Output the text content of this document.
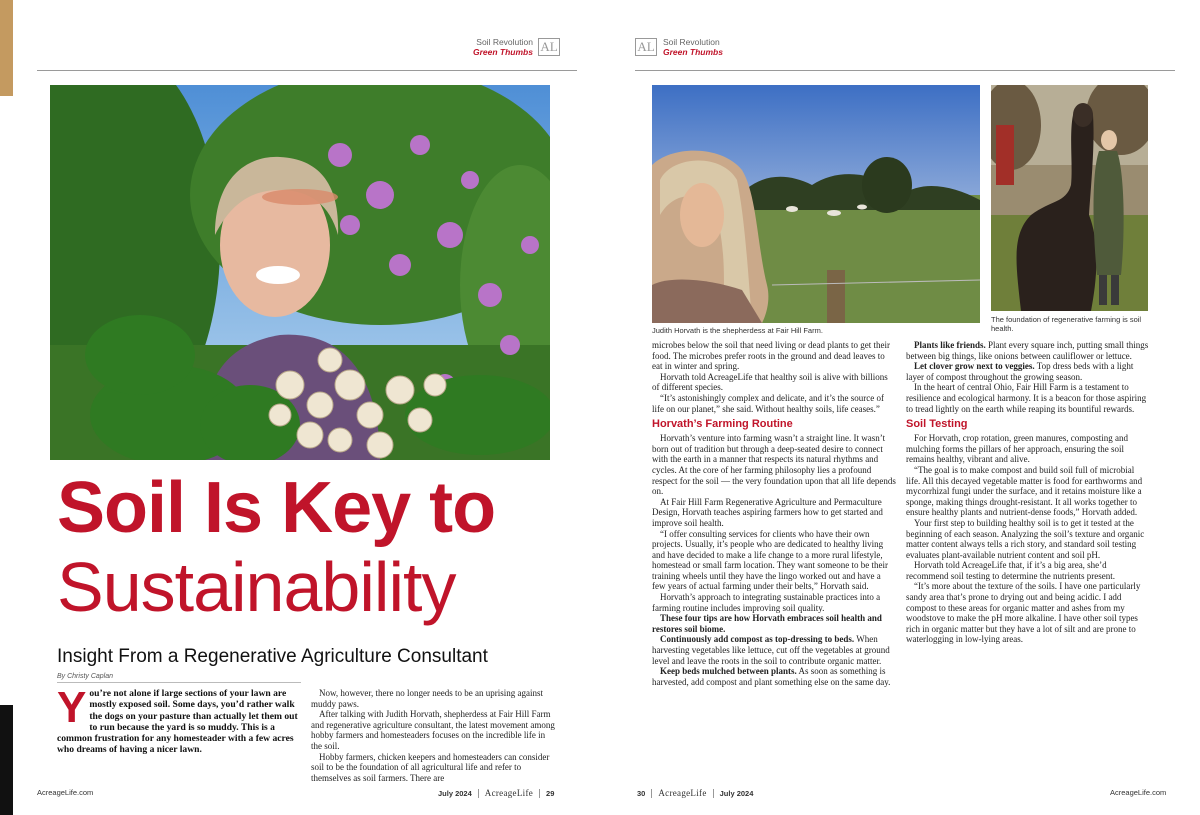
Soil Revolution
Green Thumbs AL
Soil Is Key to
Sustainability
Insight From a Regenerative Agriculture Consultant
By Christy Caplan
You’re not alone if large sections of your lawn are mostly exposed soil. Some days, you’d rather walk the dogs on your pasture than actually let them out to run because the yard is so muddy. This is a common frustration for any homesteader with a few acres who dreams of having a nicer lawn.

Now, however, there no longer needs to be an uprising against muddy paws.

After talking with Judith Horvath, shepherdess at Fair Hill Farm and regenerative agriculture consultant, the latest movement among hobby farmers and homesteaders focuses on the incredible life in the soil.

Hobby farmers, chicken keepers and homesteaders can consider soil to be the foundation of all agricultural life and refer to themselves as soil farmers. There are

AcreageLife.com	July 2024 AcreageLife 29
AL Soil Revolution
Green Thumbs
Judith Horvath is the shepherdess at Fair Hill Farm.
The foundation of regenerative farming is soil health.

microbes below the soil that need living or dead plants to get their food. The microbes prefer roots in the ground and dead leaves to eat in winter and spring.

Horvath told AcreageLife that healthy soil is alive with billions of different species.

“It’s astonishingly complex and delicate, and it’s the source of life on our planet,” she said. Without healthy soils, life ceases.”

Horvath’s Farming Routine

Horvath’s venture into farming wasn’t a straight line. It wasn’t born out of tradition but through a deep-seated desire to connect with the earth in a manner that respects its natural rhythms and cycles. At the core of her farming philosophy lies a profound respect for the soil — the very foundation upon that all life depends on.

At Fair Hill Farm Regenerative Agriculture and Permaculture Design, Horvath teaches aspiring farmers how to get started and improve soil health.

“I offer consulting services for clients who have their own projects. Usually, it’s people who are dedicated to healthy living and have decided to make a life change to a more rural lifestyle, homestead or small farm location. They want someone to be their training wheels until they have the lingo worked out and have a few years of actual farming under their belts,” Horvath said.

Horvath’s approach to integrating sustainable practices into a farming routine includes improving soil quality.

These four tips are how Horvath embraces soil health and restores soil biome.

Continuously add compost as top-dressing to beds. When harvesting vegetables like lettuce, cut off the vegetables at ground level and leave the roots in the soil to contribute organic matter.

Keep beds mulched between plants. As soon as something is harvested, add compost and plant something else on the same day.

Plants like friends. Plant every square inch, putting small things between big things, like onions between cauliflower or lettuce.

Let clover grow next to veggies. Top dress beds with a light layer of compost throughout the growing season.

In the heart of central Ohio, Fair Hill Farm is a testament to resilience and ecological harmony. It is a beacon for those aspiring to tread lightly on the earth while reaping its bountiful rewards.

Soil Testing

For Horvath, crop rotation, green manures, composting and mulching forms the pillars of her approach, ensuring the soil remains healthy, vibrant and alive.

“The goal is to make compost and build soil full of microbial life. All this decayed vegetable matter is food for earthworms and mycorrhizal fungi under the surface, and it retains moisture like a sponge, making things drought-resistant. It all works together to ensure healthy plants and nutrient-dense foods,” Horvath added.

Your first step to building healthy soil is to get it tested at the beginning of each season. Analyzing the soil’s texture and organic matter content always tells a rich story, and standard soil testing evaluates plant-available nutrient content and soil pH.

Horvath told AcreageLife that, if it’s a big area, she’d recommend soil testing to determine the nutrients present.

“It’s more about the texture of the soils. I have one particularly sandy area that’s prone to drying out and being acidic. I add compost to these areas for organic matter and ashes from my woodstove to make the pH more alkaline. I have other soil types rich in organic matter but they have a lot of silt and are prone to waterlogging in low-lying areas.

30 AcreageLife July 2024	AcreageLife.com
